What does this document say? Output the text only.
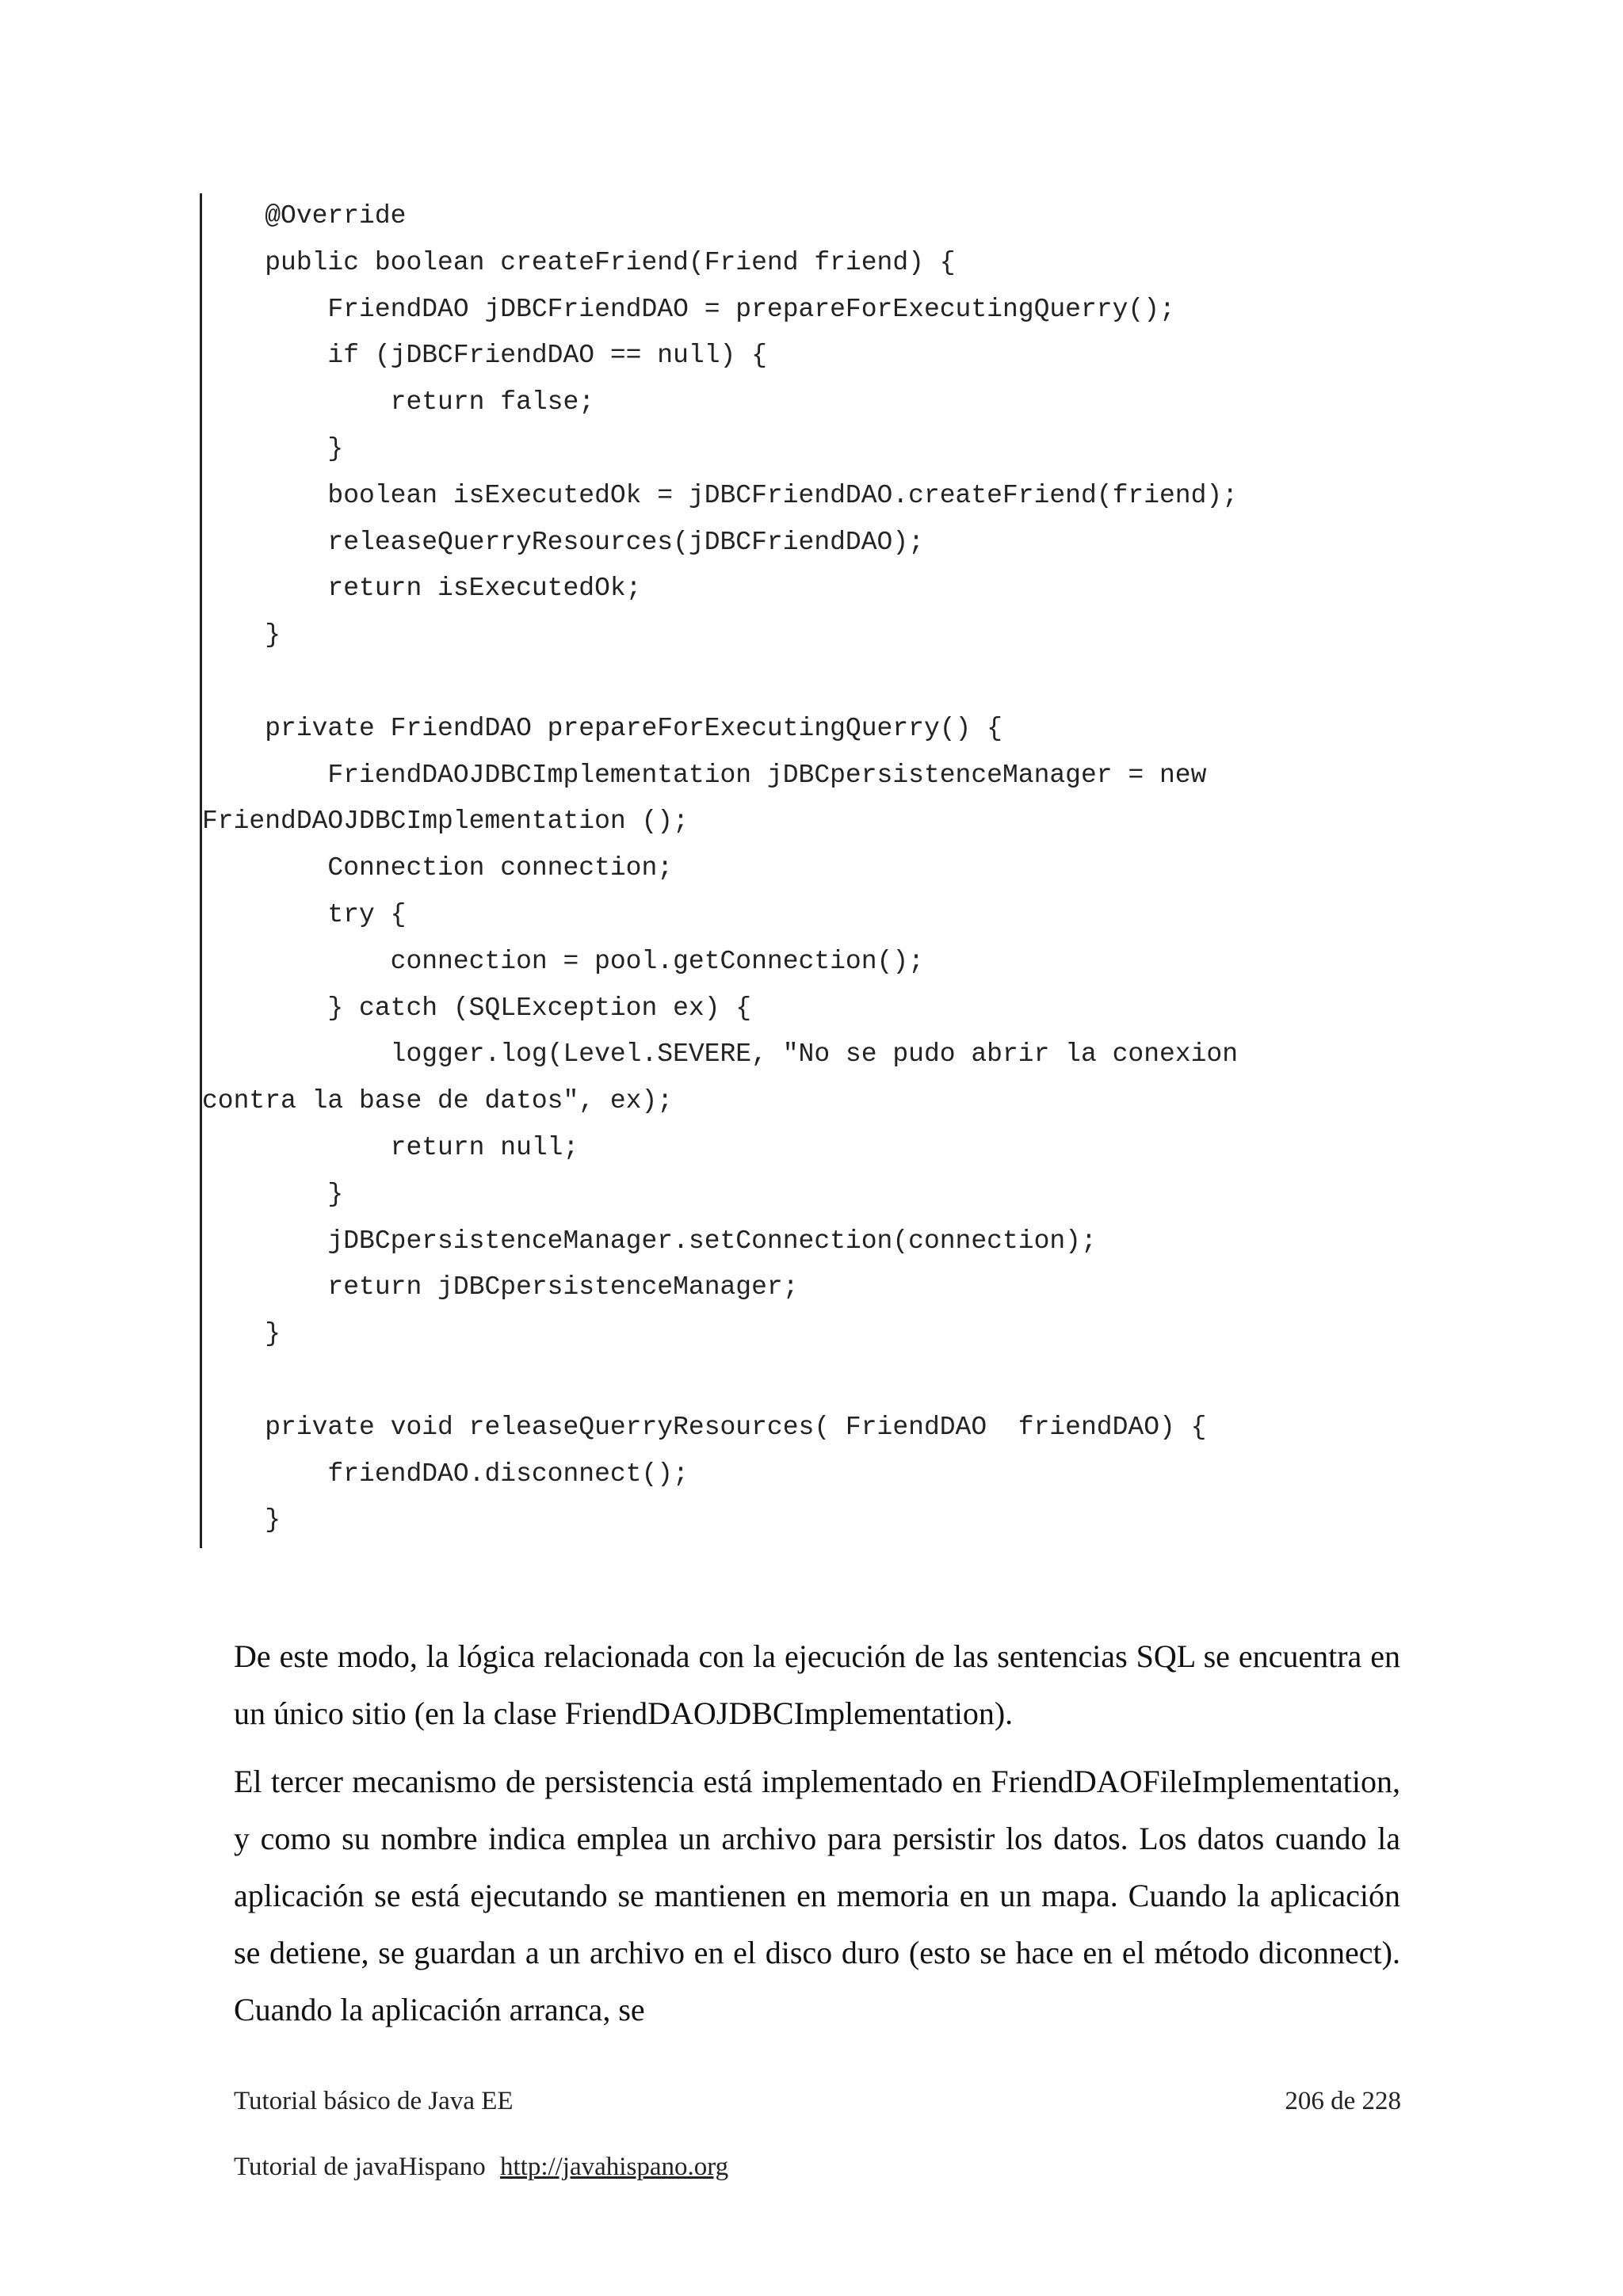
@Override
public boolean createFriend(Friend friend) {
FriendDAO jDBCFriendDAO = prepareForExecutingQuerry();
if (jDBCFriendDAO == null) {
return false;
}
boolean isExecutedOk = jDBCFriendDAO.createFriend(friend);
releaseQuerryResources(jDBCFriendDAO);
return isExecutedOk;
}
private FriendDAO prepareForExecutingQuerry() {
FriendDAOJDBCImplementation jDBCpersistenceManager = new
FriendDAOJDBCImplementation ();
Connection connection;
try {
connection = pool.getConnection();
} catch (SQLException ex) {
logger.log(Level.SEVERE, "No se pudo abrir la conexion
contra la base de datos", ex);
return null;
}
jDBCpersistenceManager.setConnection(connection);
return jDBCpersistenceManager;
}
private void releaseQuerryResources( FriendDAO  friendDAO) {
friendDAO.disconnect();
}

De este modo, la lógica relacionada con la ejecución de las sentencias SQL se encuentra en un único sitio (en la clase FriendDAOJDBCImplementation).

El tercer mecanismo de persistencia está implementado en FriendDAOFileImplementation, y como su nombre indica emplea un archivo para persistir los datos. Los datos cuando la aplicación se está ejecutando se mantienen en memoria en un mapa. Cuando la aplicación se detiene, se guardan a un archivo en el disco duro (esto se hace en el método diconnect). Cuando la aplicación arranca, se

Tutorial básico de Java EE	206 de 228
Tutorial de javaHispano http://javahispano.org
